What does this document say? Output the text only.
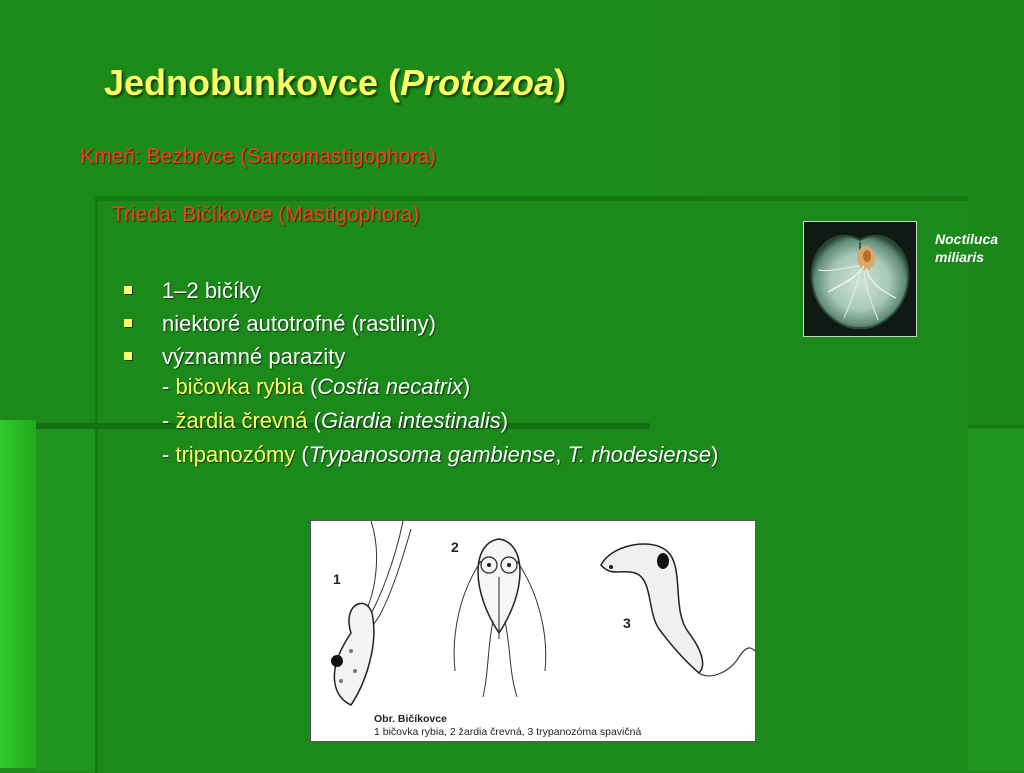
Jednobunkovce (Protozoa)
Kmeň: Bezbrvce (Sarcomastigophora)
Trieda: Bičíkovce (Mastigophora)
1–2 bičíky
niektoré autotrofné (rastliny)
významné parazity
- bičovka rybia (Costia necatrix)
- žardia črevná (Giardia intestinalis)
- tripanozómy (Trypanosoma gambiense, T. rhodesiense)
Noctiluca
miliaris
1
2
3
Obr. Bičíkovce
1 bičovka rybia, 2 žardia črevná, 3 trypanozóma spavičná
